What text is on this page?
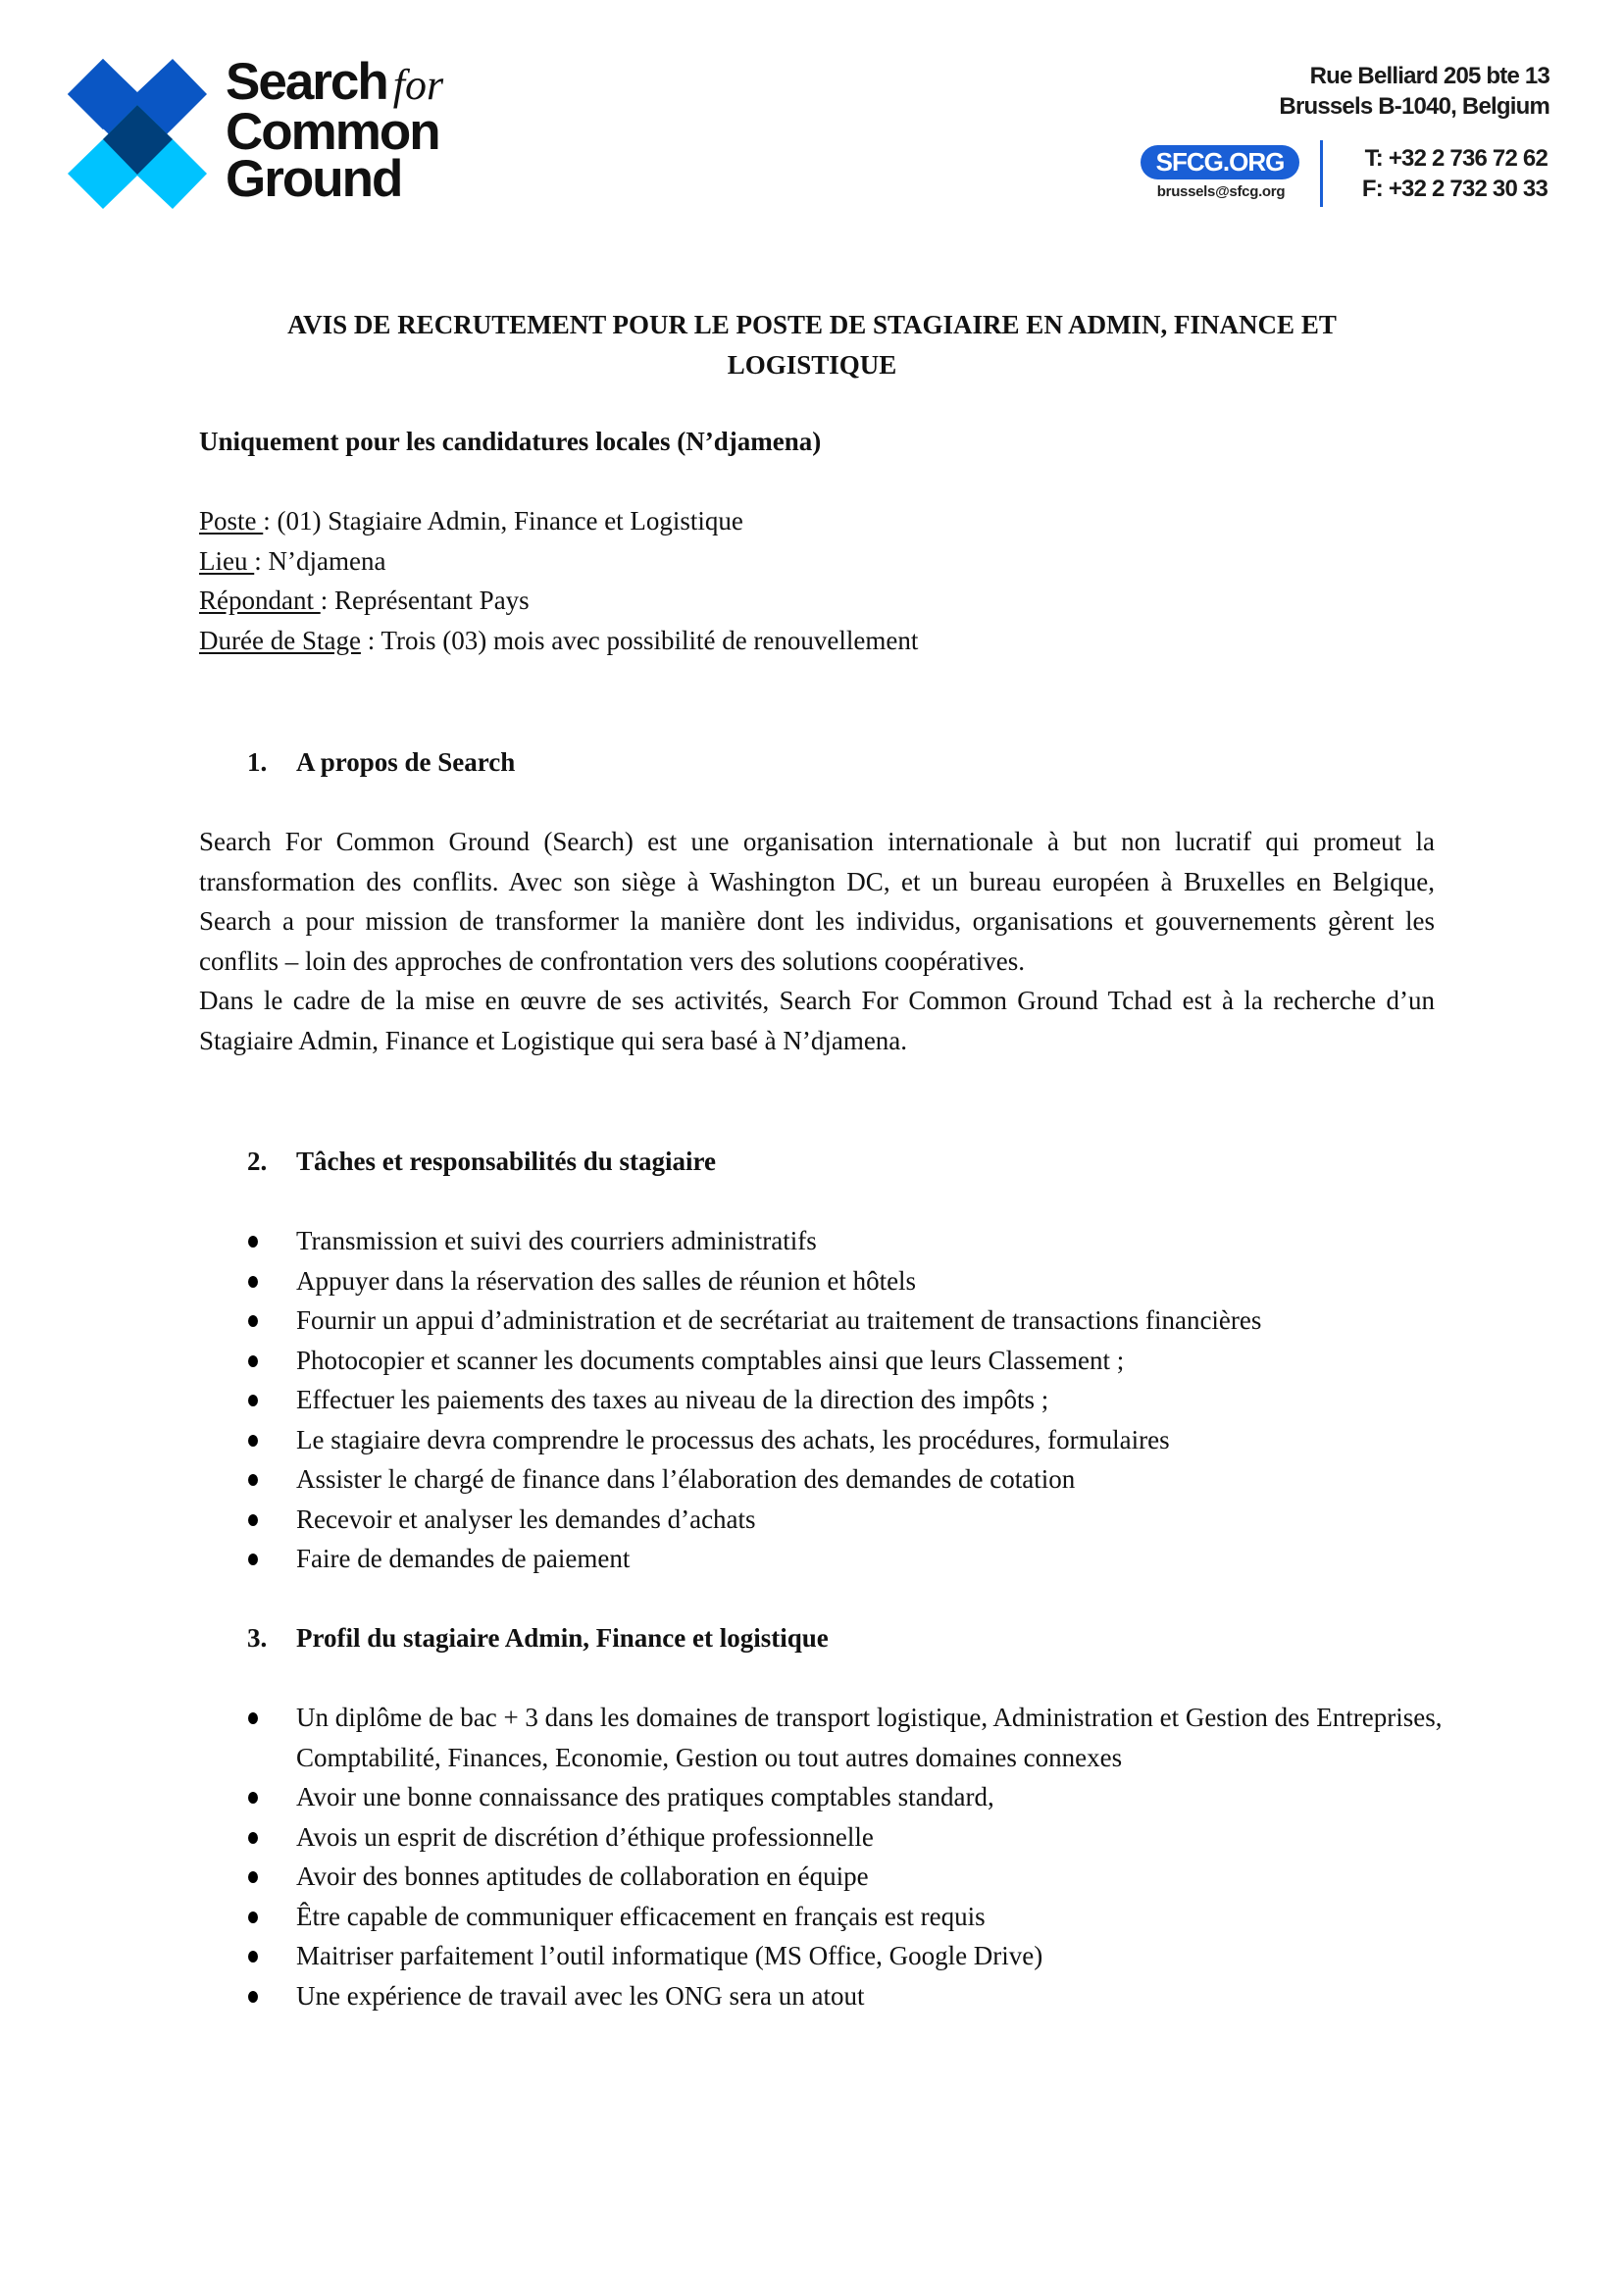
Search for
Common
Ground
Rue Belliard 205 bte 13
Brussels B-1040, Belgium
SFCG.ORG
brussels@sfcg.org
T: +32 2 736 72 62
F: +32 2 732 30 33
AVIS DE RECRUTEMENT POUR LE POSTE DE STAGIAIRE EN ADMIN, FINANCE ET
LOGISTIQUE
Uniquement pour les candidatures locales (N’djamena)
Poste : (01) Stagiaire Admin, Finance et Logistique
Lieu : N’djamena
Répondant : Représentant Pays
Durée de Stage : Trois (03) mois avec possibilité de renouvellement
1. A propos de Search

Search For Common Ground (Search) est une organisation internationale à but non lucratif qui promeut la transformation des conflits. Avec son siège à Washington DC, et un bureau européen à Bruxelles en Belgique, Search a pour mission de transformer la manière dont les individus, organisations et gouvernements gèrent les conflits – loin des approches de confrontation vers des solutions coopératives.

Dans le cadre de la mise en œuvre de ses activités, Search For Common Ground Tchad est à la recherche d’un Stagiaire Admin, Finance et Logistique qui sera basé à N’djamena.

2. Tâches et responsabilités du stagiaire
Transmission et suivi des courriers administratifs
Appuyer dans la réservation des salles de réunion et hôtels
Fournir un appui d’administration et de secrétariat au traitement de transactions financières
Photocopier et scanner les documents comptables ainsi que leurs Classement ;
Effectuer les paiements des taxes au niveau de la direction des impôts ;
Le stagiaire devra comprendre le processus des achats, les procédures, formulaires
Assister le chargé de finance dans l’élaboration des demandes de cotation
Recevoir et analyser les demandes d’achats
Faire de demandes de paiement
3. Profil du stagiaire Admin, Finance et logistique
Un diplôme de bac + 3 dans les domaines de transport logistique, Administration et Gestion des Entreprises, Comptabilité, Finances, Economie, Gestion ou tout autres domaines connexes
Avoir une bonne connaissance des pratiques comptables standard,
Avois un esprit de discrétion d’éthique professionnelle
Avoir des bonnes aptitudes de collaboration en équipe
Être capable de communiquer efficacement en français est requis
Maitriser parfaitement l’outil informatique (MS Office, Google Drive)
Une expérience de travail avec les ONG sera un atout
